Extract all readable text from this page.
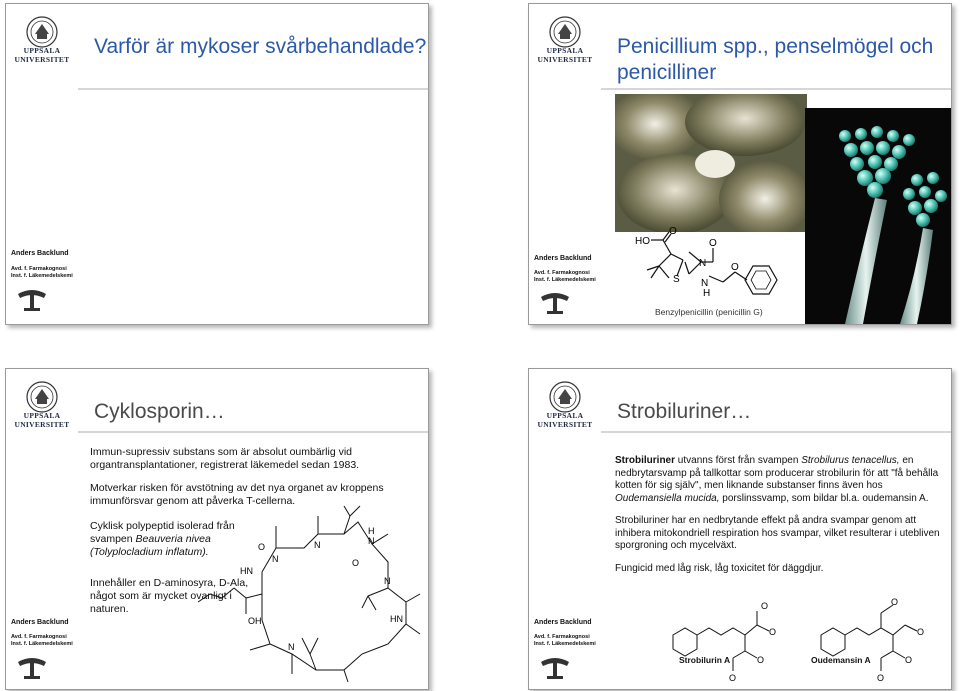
UPPSALA
UNIVERSITET
Anders Backlund
Avd. f. Farmakognosi
Inst. f. Läkemedelskemi
Varför är mykoser svårbehandlade?	UPPSALA
UNIVERSITET
Anders Backlund
Avd. f. Farmakognosi
Inst. f. Läkemedelskemi
Penicillium spp., penselmögel och penicilliner
HO
O
O
N
S N
H
O
Benzylpenicillin (penicillin G)
UPPSALA
UNIVERSITET
Anders Backlund
Avd. f. Farmakognosi
Inst. f. Läkemedelskemi
Cyklosporin…

Immun-supressiv substans som är absolut oumbärlig vid organtransplantationer, registrerat läkemedel sedan 1983.

Motverkar risken för avstötning av det nya organet av kroppens immunförsvar genom att påverka T-cellerna.

Cyklisk polypeptid isolerad från svampen Beauveria nivea (Tolyplocladium inflatum).

Innehåller en D-aminosyra, D-Ala, något som är mycket ovanligt i naturen.

HN
OH
N
N
H
N
N
HN
N
O
O
UPPSALA
UNIVERSITET
Anders Backlund
Avd. f. Farmakognosi
Inst. f. Läkemedelskemi
Strobiluriner…

Strobiluriner utvanns först från svampen Strobilurus tenacellus, en nedbrytarsvamp på tallkottar som producerar strobilurin för att "få behålla kotten för sig själv", men liknande substanser finns även hos Oudemansiella mucida, porslinssvamp, som bildar bl.a. oudemansin A.

Strobiluriner har en nedbrytande effekt på andra svampar genom att inhibera mitokondriell respiration hos svampar, vilket resulterar i utebliven sporgroning och mycelväxt.

Fungicid med låg risk, låg toxicitet för däggdjur.

O
O
O
O
O
O
O
O
Strobilurin A	Oudemansin A
